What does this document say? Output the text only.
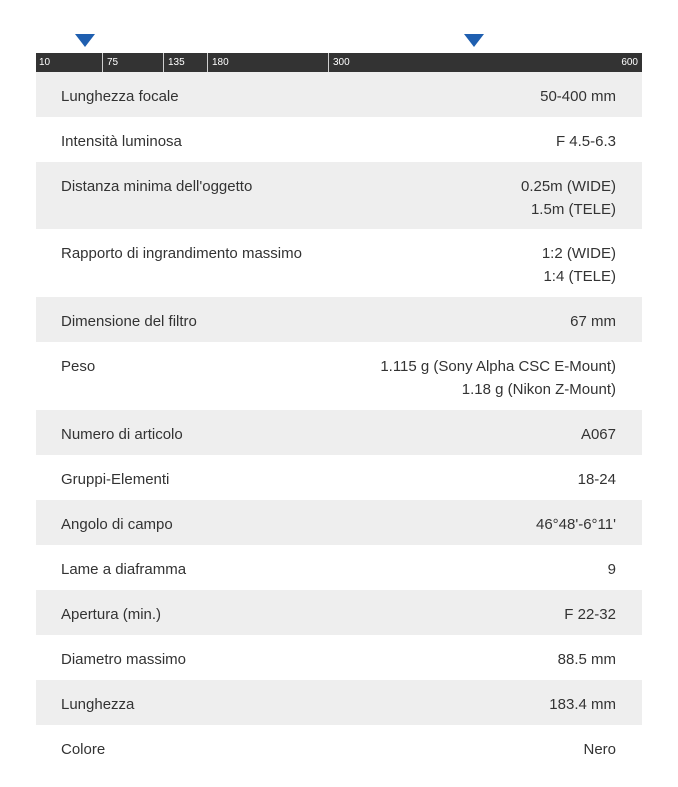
10	75	135	180	300	600
Lunghezza focale	50-400 mm
Intensità luminosa	F 4.5-6.3
Distanza minima dell'oggetto	0.25m (WIDE)
1.5m (TELE)
Rapporto di ingrandimento massimo	1:2 (WIDE)
1:4 (TELE)
Dimensione del filtro	67 mm
Peso	1.115 g (Sony Alpha CSC E-Mount)
1.18 g (Nikon Z-Mount)
Numero di articolo	A067
Gruppi-Elementi	18-24
Angolo di campo	46°48'-6°11'
Lame a diaframma	9
Apertura (min.)	F 22-32
Diametro massimo	88.5 mm
Lunghezza	183.4 mm
Colore	Nero
